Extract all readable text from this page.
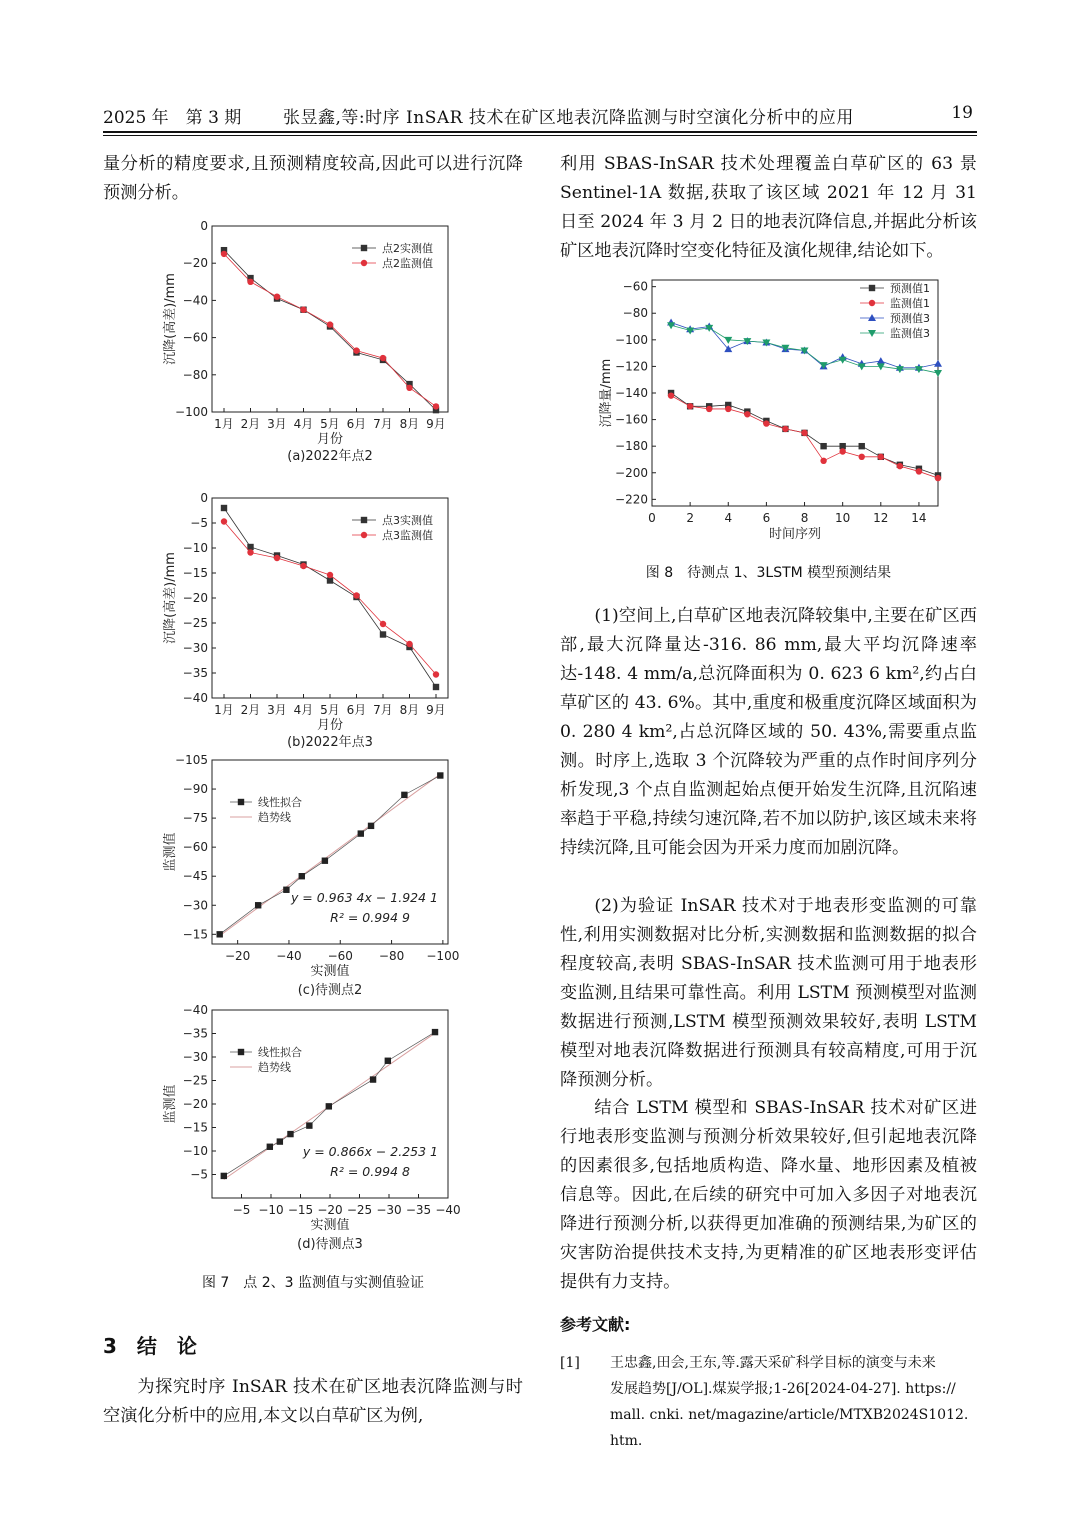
2025 年　第 3 期 张昱鑫,等:时序 InSAR 技术在矿区地表沉降监测与时空演化分析中的应用	19

量分析的精度要求,且预测精度较高,因此可以进行沉降预测分析。

0
−20
−40
−60
−80
−100
1月 2月 3月 4月 5月 6月 7月 8月 9月
点2实测值
点2监测值
月份
(a)2022年点2
沉降(高差)/mm
0
−5
−10
−15
−20
−25
−30
−35
−40
1月 2月 3月 4月 5月 6月 7月 8月 9月
点3实测值
点3监测值
月份
(b)2022年点3
沉降(高差)/mm
−15
−30
−45
−60
−75
−90
−105
−20 −40 −60 −80 −100
线性拟合
趋势线
y = 0.963 4x − 1.924 1
R² = 0.994 9
实测值
(c)待测点2
监测值
−5
−10
−15
−20
−25
−30
−35
−40
−5 −10 −15 −20 −25 −30 −35 −40
线性拟合
趋势线
y = 0.866x − 2.253 1
R² = 0.994 8
实测值
(d)待测点3
监测值
图 7　点 2、3 监测值与实测值验证
3　结　论

为探究时序 InSAR 技术在矿区地表沉降监测与时空演化分析中的应用,本文以白草矿区为例,

利用 SBAS-InSAR 技术处理覆盖白草矿区的 63 景 Sentinel-1A 数据,获取了该区域 2021 年 12 月 31 日至 2024 年 3 月 2 日的地表沉降信息,并据此分析该矿区地表沉降时空变化特征及演化规律,结论如下。

−60
−80
−100
−120
−140
−160
−180
−200
−220
0	2	4	6	8 10 12 14
预测值1
监测值1
预测值3
监测值3
时间序列
沉降量/mm
图 8　待测点 1、3LSTM 模型预测结果

(1)空间上,白草矿区地表沉降较集中,主要在矿区西部,最大沉降量达-316. 86 mm,最大平均沉降速率达-148. 4 mm/a,总沉降面积为 0. 623 6 km²,约占白草矿区的 43. 6%。其中,重度和极重度沉降区域面积为 0. 280 4 km²,占总沉降区域的 50. 43%,需要重点监测。时序上,选取 3 个沉降较为严重的点作时间序列分析发现,3 个点自监测起始点便开始发生沉降,且沉陷速率趋于平稳,持续匀速沉降,若不加以防护,该区域未来将持续沉降,且可能会因为开采力度而加剧沉降。

(2)为验证 InSAR 技术对于地表形变监测的可靠性,利用实测数据对比分析,实测数据和监测数据的拟合程度较高,表明 SBAS-InSAR 技术监测可用于地表形变监测,且结果可靠性高。利用 LSTM 预测模型对监测数据进行预测,LSTM 模型预测效果较好,表明 LSTM 模型对地表沉降数据进行预测具有较高精度,可用于沉降预测分析。

结合 LSTM 模型和 SBAS-InSAR 技术对矿区进行地表形变监测与预测分析效果较好,但引起地表沉降的因素很多,包括地质构造、降水量、地形因素及植被信息等。因此,在后续的研究中可加入多因子对地表沉降进行预测分析,以获得更加准确的预测结果,为矿区的灾害防治提供技术支持,为更精准的矿区地表形变评估提供有力支持。

参考文献:
[1] 王忠鑫,田会,王东,等.露天采矿科学目标的演变与未来
发展趋势[J/OL].煤炭学报;1-26[2024-04-27]. https://
mall. cnki. net/magazine/article/MTXB2024S1012. htm.
